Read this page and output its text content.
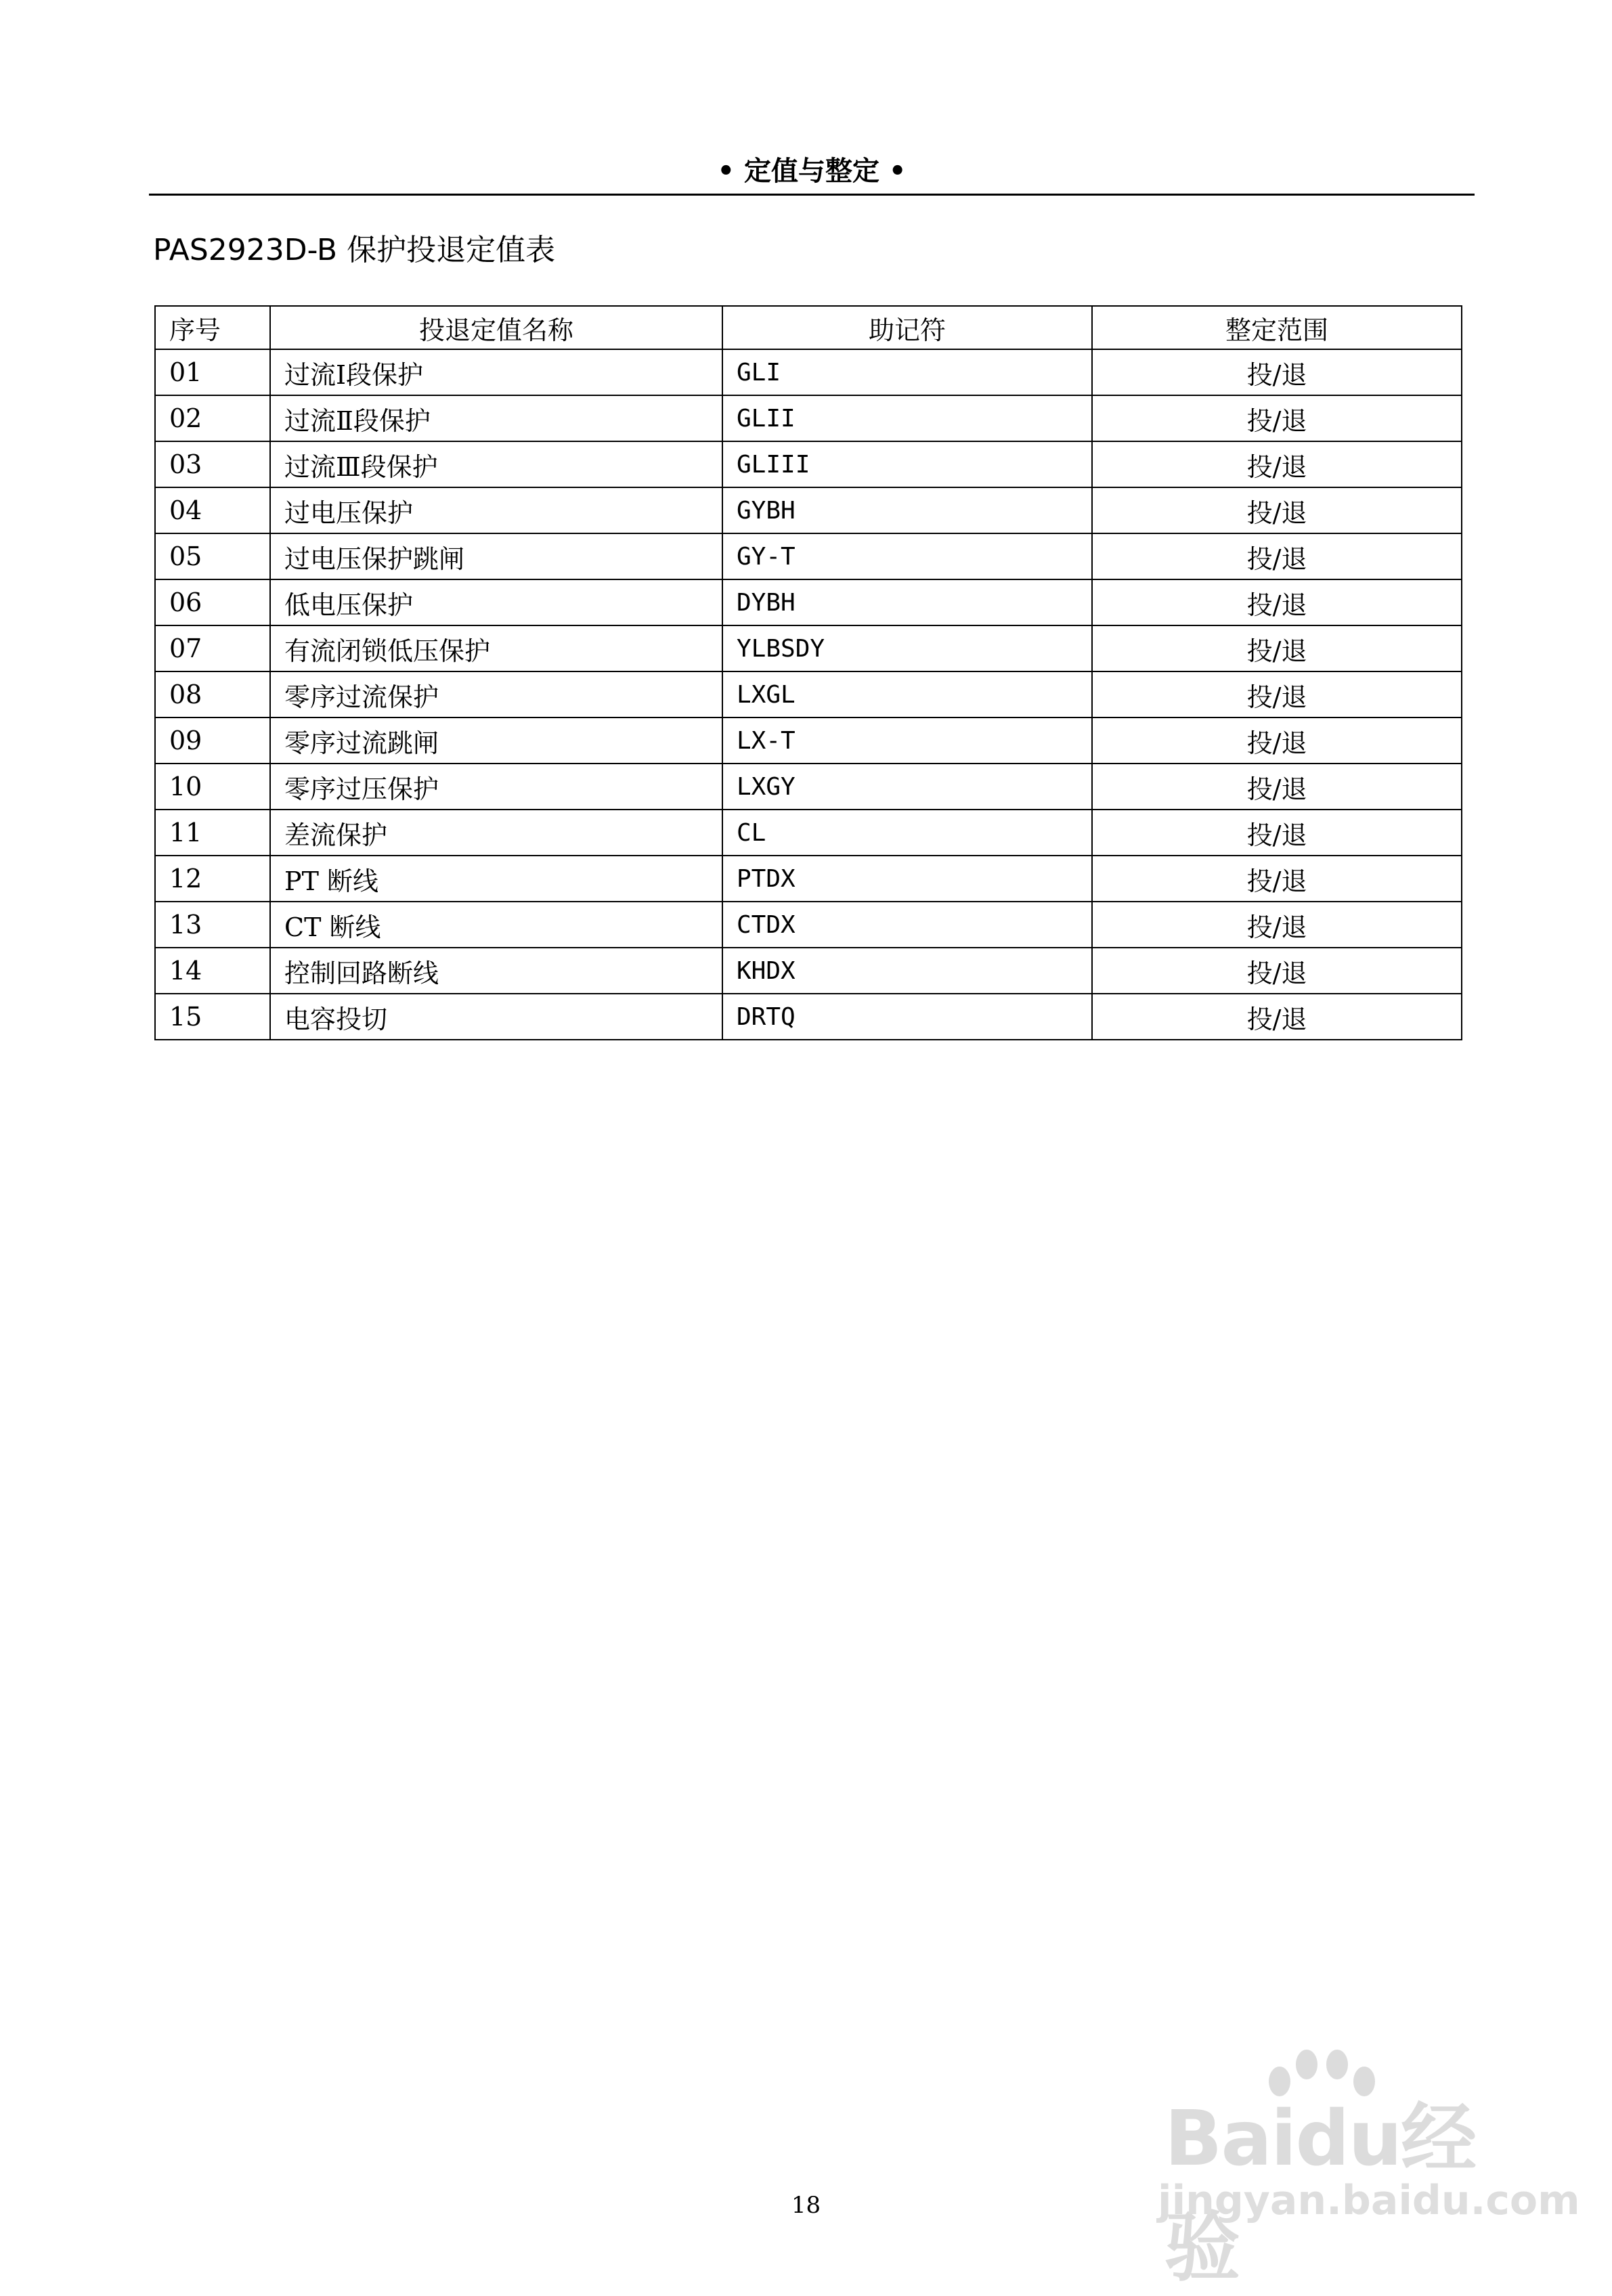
• 定值与整定 •
PAS2923D-B 保护投退定值表
序号	投退定值名称	助记符	整定范围
01	过流Ⅰ段保护	GLI	投/退
02	过流Ⅱ段保护	GLII	投/退
03	过流Ⅲ段保护	GLIII	投/退
04	过电压保护	GYBH	投/退
05	过电压保护跳闸	GY-T	投/退
06	低电压保护	DYBH	投/退
07	有流闭锁低压保护	YLBSDY	投/退
08	零序过流保护	LXGL	投/退
09	零序过流跳闸	LX-T	投/退
10	零序过压保护	LXGY	投/退
11	差流保护	CL	投/退
12	PT 断线	PTDX	投/退
13	CT 断线	CTDX	投/退
14	控制回路断线	KHDX	投/退
15	电容投切	DRTQ	投/退
18
Baidu经验
jingyan.baidu.com
